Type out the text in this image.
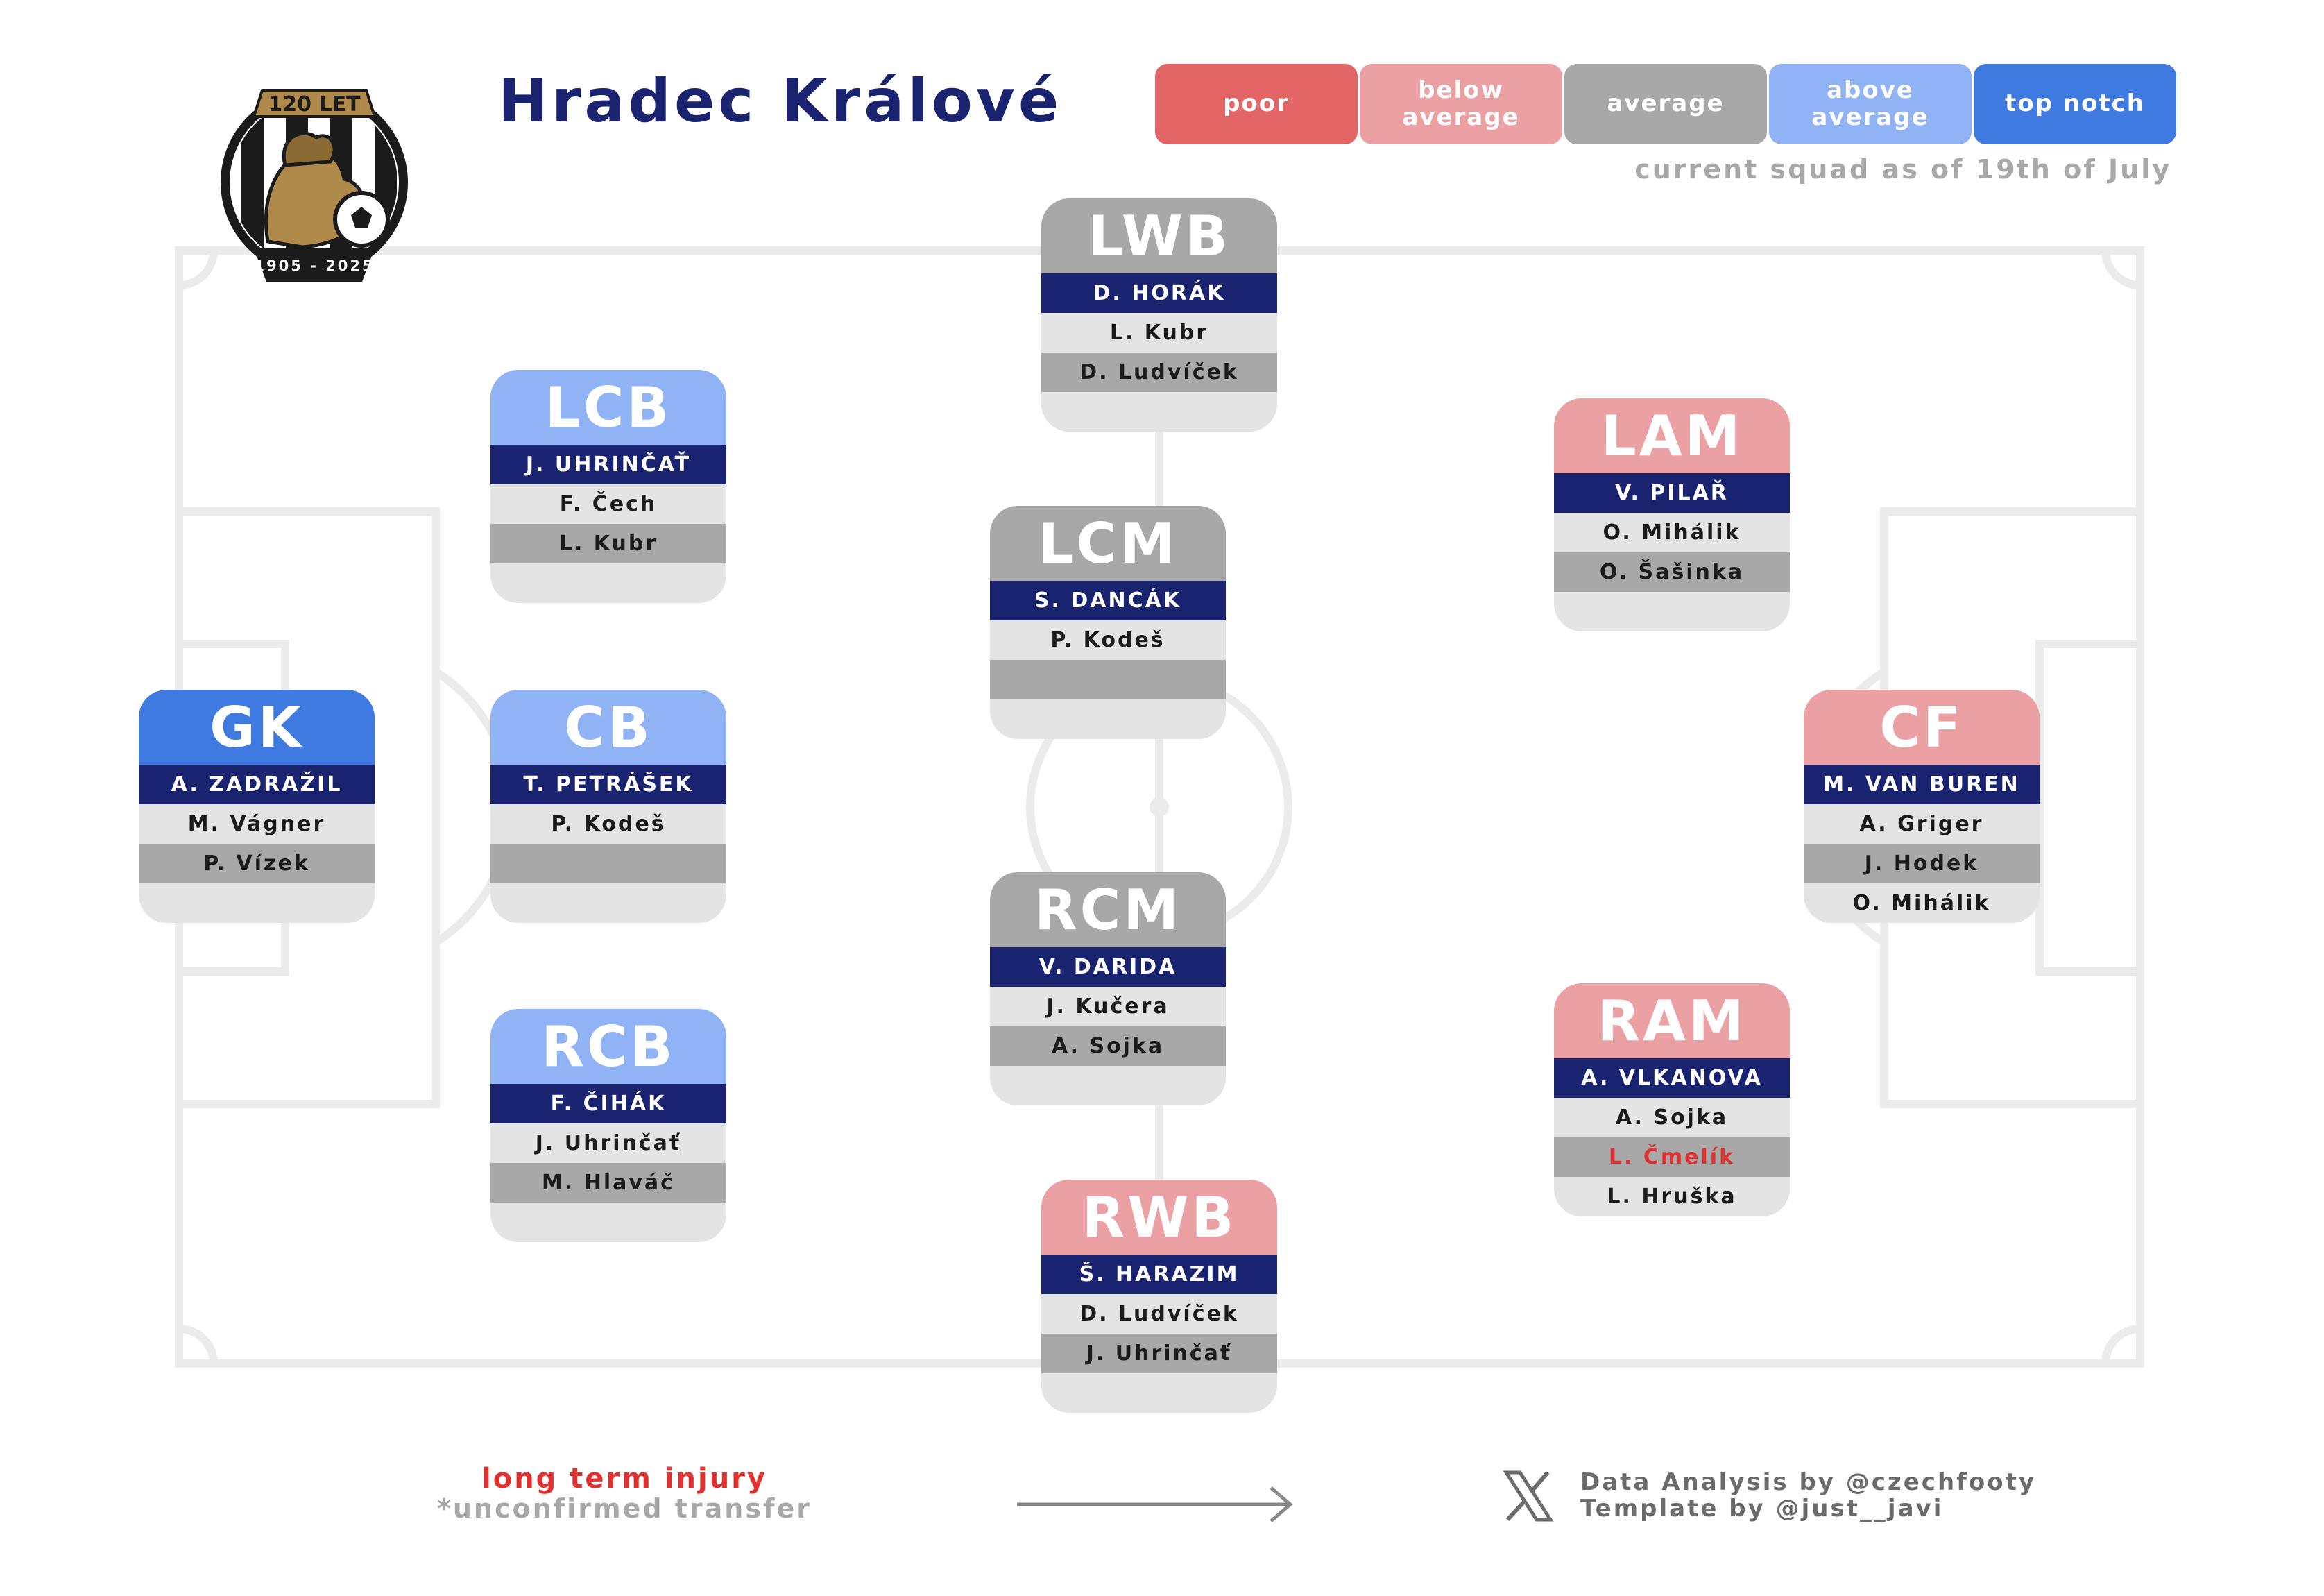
120 LET
1905 - 2025
Hradec Králové	poor	below average	average	above average	top notch
current squad as of 19th of July
LWB
D. HORÁK
L. Kubr
D. Ludvíček
LCB
J. UHRINČAŤ
F. Čech
L. Kubr
LAM
V. PILAŘ
O. Mihálik
O. Šašinka
LCM
S. DANCÁK
P. Kodeš
GK
A. ZADRAŽIL
M. Vágner
P. Vízek
CB
T. PETRÁŠEK
P. Kodeš
CF
M. VAN BUREN
A. Griger
J. Hodek
O. Mihálik
RCM
V. DARIDA
J. Kučera
A. Sojka
RCB
F. ČIHÁK
J. Uhrinčať
M. Hlaváč
RAM
A. VLKANOVA
A. Sojka
L. Čmelík
L. Hruška
RWB
Š. HARAZIM
D. Ludvíček
J. Uhrinčať
long term injury
*unconfirmed transfer
Data Analysis by @czechfooty
Template by @just__javi
